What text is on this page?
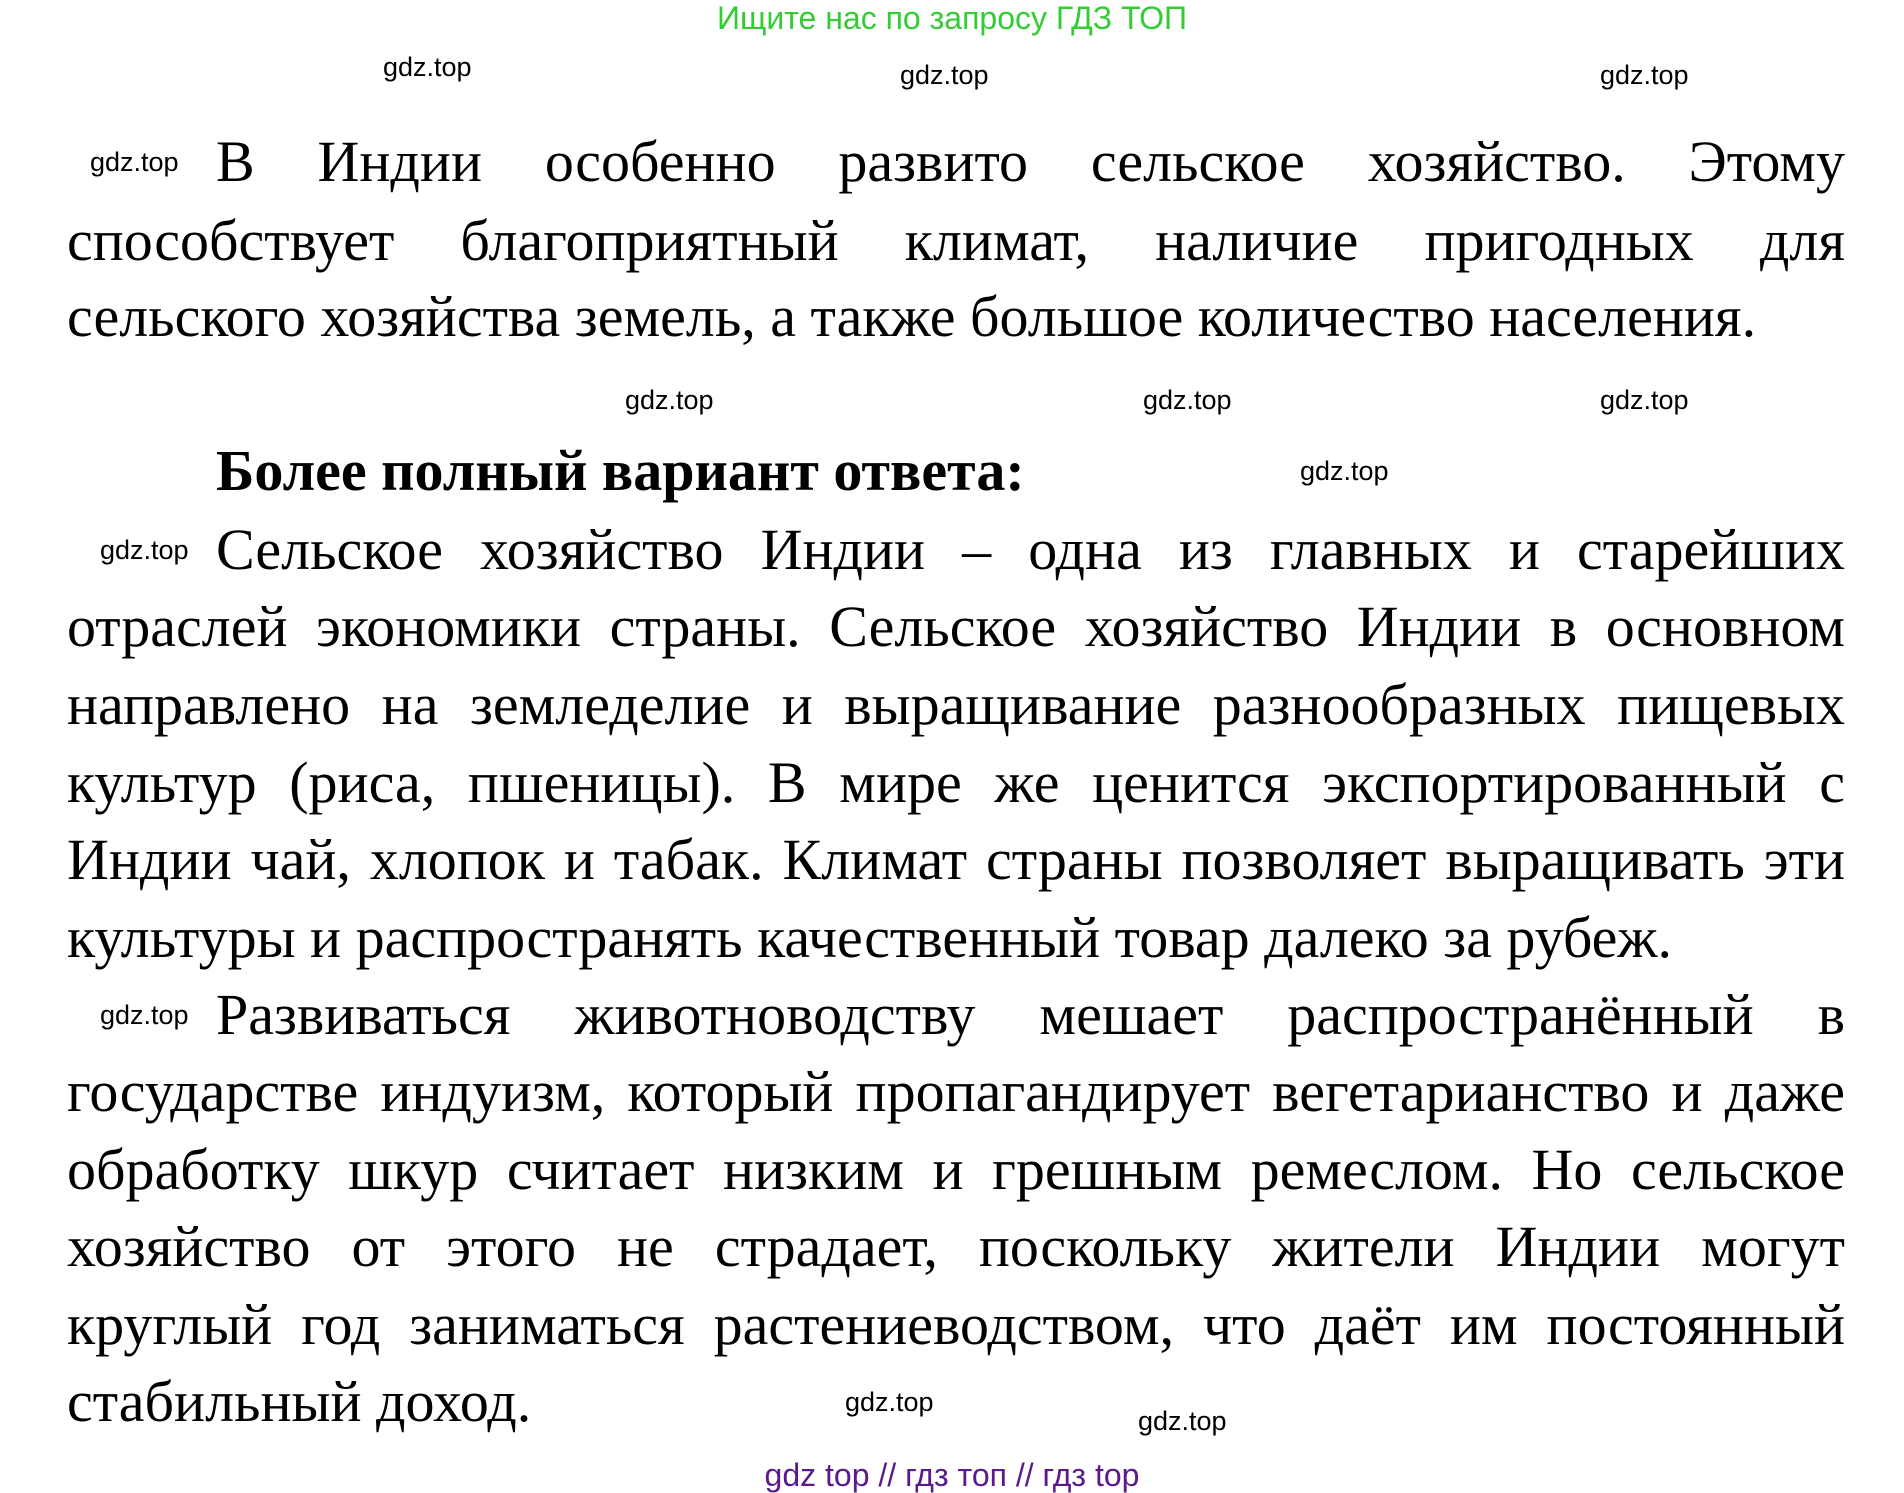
Ищите нас по запросу ГДЗ ТОП
В Индии особенно развито сельское хозяйство. Этому
способствует благоприятный климат, наличие пригодных для
сельского хозяйства земель, а также большое количество населения.
Более полный вариант ответа:
Сельское хозяйство Индии – одна из главных и старейших
отраслей экономики страны. Сельское хозяйство Индии в основном
направлено на земледелие и выращивание разнообразных пищевых
культур (риса, пшеницы). В мире же ценится экспортированный с
Индии чай, хлопок и табак. Климат страны позволяет выращивать эти
культуры и распространять качественный товар далеко за рубеж.
Развиваться животноводству мешает распространённый в
государстве индуизм, который пропагандирует вегетарианство и даже
обработку шкур считает низким и грешным ремеслом. Но сельское
хозяйство от этого не страдает, поскольку жители Индии могут
круглый год заниматься растениеводством, что даёт им постоянный
стабильный доход.
gdz.top
gdz.top
gdz.top
gdz.top
gdz.top
gdz.top
gdz.top
gdz.top
gdz.top
gdz.top
gdz.top
gdz.top
gdz top // гдз топ // гдз top
